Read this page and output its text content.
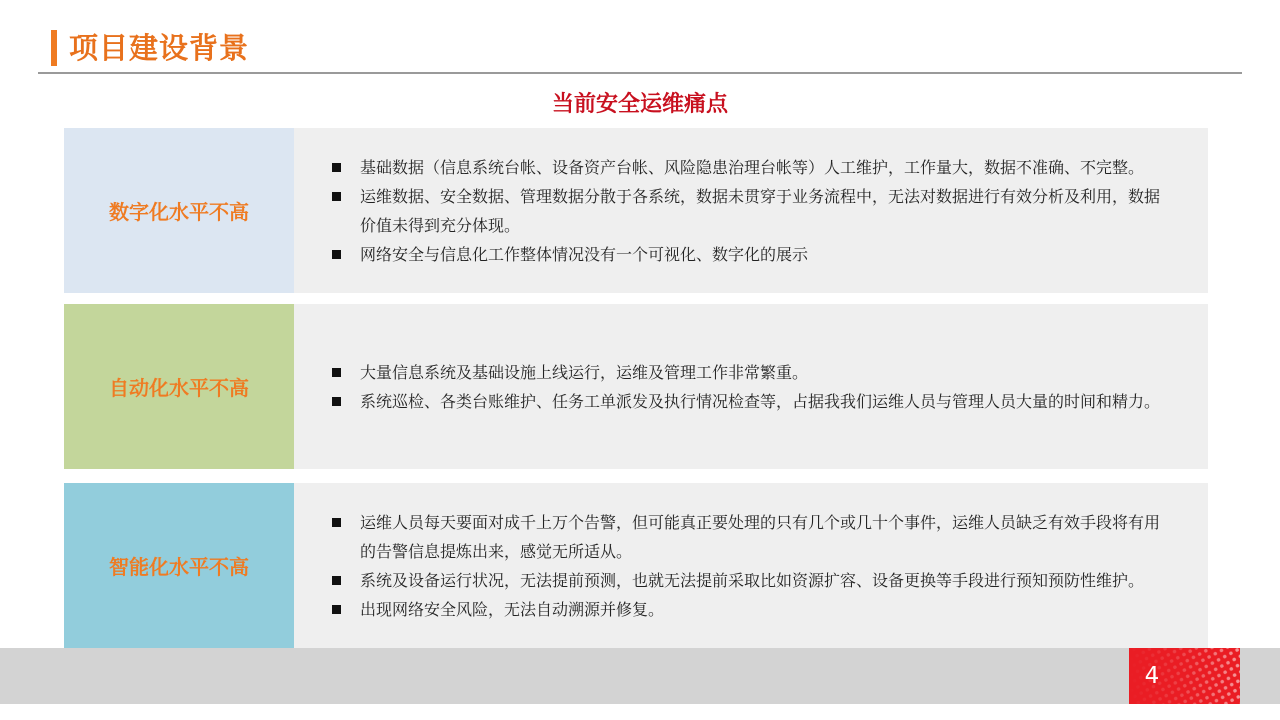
项目建设背景
当前安全运维痛点
数字化水平不高
基础数据（信息系统台帐、设备资产台帐、风险隐患治理台帐等）人工维护，工作量大，数据不准确、不完整。
运维数据、安全数据、管理数据分散于各系统，数据未贯穿于业务流程中，无法对数据进行有效分析及利用，数据价值未得到充分体现。
网络安全与信息化工作整体情况没有一个可视化、数字化的展示
自动化水平不高
大量信息系统及基础设施上线运行，运维及管理工作非常繁重。
系统巡检、各类台账维护、任务工单派发及执行情况检查等，占据我我们运维人员与管理人员大量的时间和精力。
智能化水平不高
运维人员每天要面对成千上万个告警，但可能真正要处理的只有几个或几十个事件，运维人员缺乏有效手段将有用的告警信息提炼出来，感觉无所适从。
系统及设备运行状况，无法提前预测，也就无法提前采取比如资源扩容、设备更换等手段进行预知预防性维护。
出现网络安全风险，无法自动溯源并修复。
4
